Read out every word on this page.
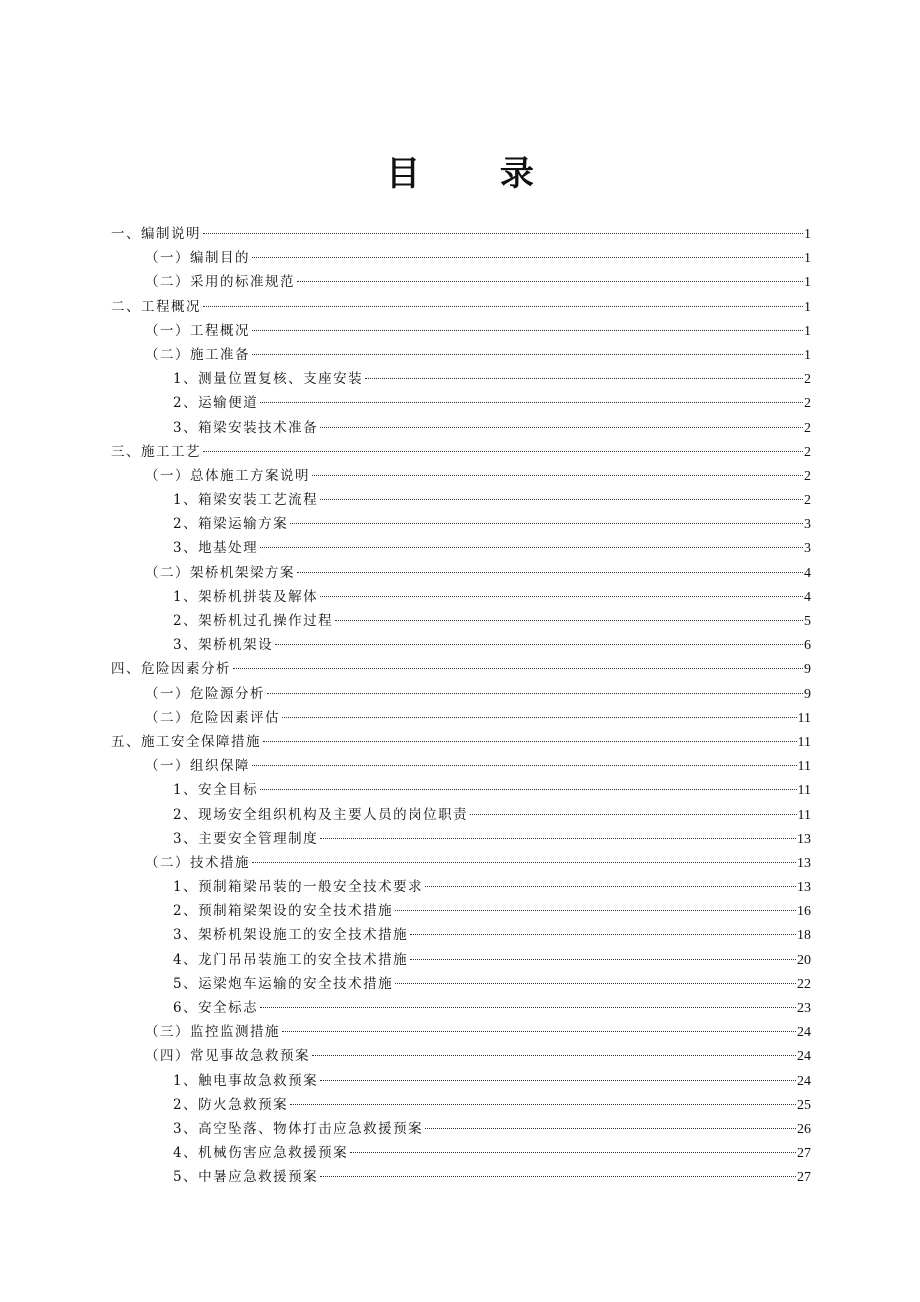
目 录
一、编制说明	1
（一）编制目的	1
（二）采用的标准规范	1
二、工程概况	1
（一）工程概况	1
（二）施工准备	1
1、测量位置复核、支座安装	2
2、运输便道	2
3、箱梁安装技术准备	2
三、施工工艺	2
（一）总体施工方案说明	2
1、箱梁安装工艺流程	2
2、箱梁运输方案	3
3、地基处理	3
（二）架桥机架梁方案	4
1、架桥机拼装及解体	4
2、架桥机过孔操作过程	5
3、架桥机架设	6
四、危险因素分析	9
（一）危险源分析	9
（二）危险因素评估	11
五、施工安全保障措施	11
（一）组织保障	11
1、安全目标	11
2、现场安全组织机构及主要人员的岗位职责	11
3、主要安全管理制度	13
（二）技术措施	13
1、预制箱梁吊装的一般安全技术要求	13
2、预制箱梁架设的安全技术措施	16
3、架桥机架设施工的安全技术措施	18
4、龙门吊吊装施工的安全技术措施	20
5、运梁炮车运输的安全技术措施	22
6、安全标志	23
（三）监控监测措施	24
（四）常见事故急救预案	24
1、触电事故急救预案	24
2、防火急救预案	25
3、高空坠落、物体打击应急救援预案	26
4、机械伤害应急救援预案	27
5、中暑应急救援预案	27
